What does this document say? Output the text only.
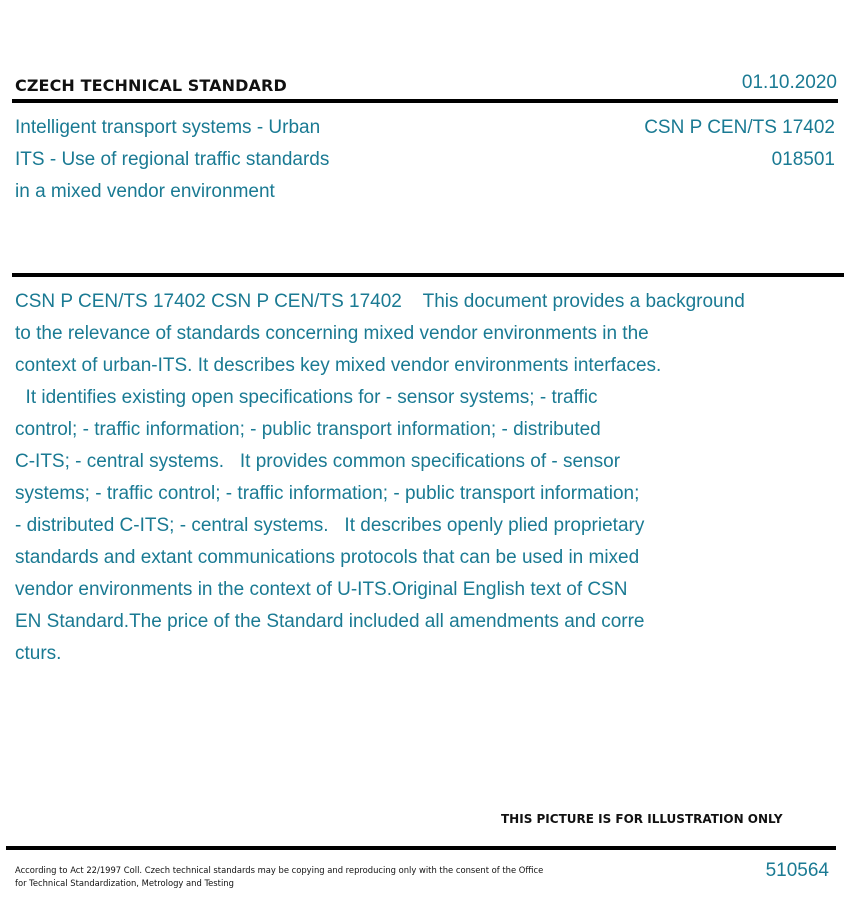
CZECH TECHNICAL STANDARD	01.10.2020
Intelligent transport systems - Urban
ITS - Use of regional traffic standards
in a mixed vendor environment
CSN P CEN/TS 17402
018501
CSN P CEN/TS 17402 CSN P CEN/TS 17402    This document provides a background
to the relevance of standards concerning mixed vendor environments in the
context of urban-ITS. It describes key mixed vendor environments interfaces.
It identifies existing open specifications for - sensor systems; - traffic
control; - traffic information; - public transport information; - distributed
C-ITS; - central systems.   It provides common specifications of - sensor
systems; - traffic control; - traffic information; - public transport information;
- distributed C-ITS; - central systems.   It describes openly plied proprietary
standards and extant communications protocols that can be used in mixed
vendor environments in the context of U-ITS.Original English text of CSN
EN Standard.The price of the Standard included all amendments and corre
cturs.
THIS PICTURE IS FOR ILLUSTRATION ONLY
According to Act 22/1997 Coll. Czech technical standards may be copying and reproducing only with the consent of the Office
for Technical Standardization, Metrology and Testing
510564
